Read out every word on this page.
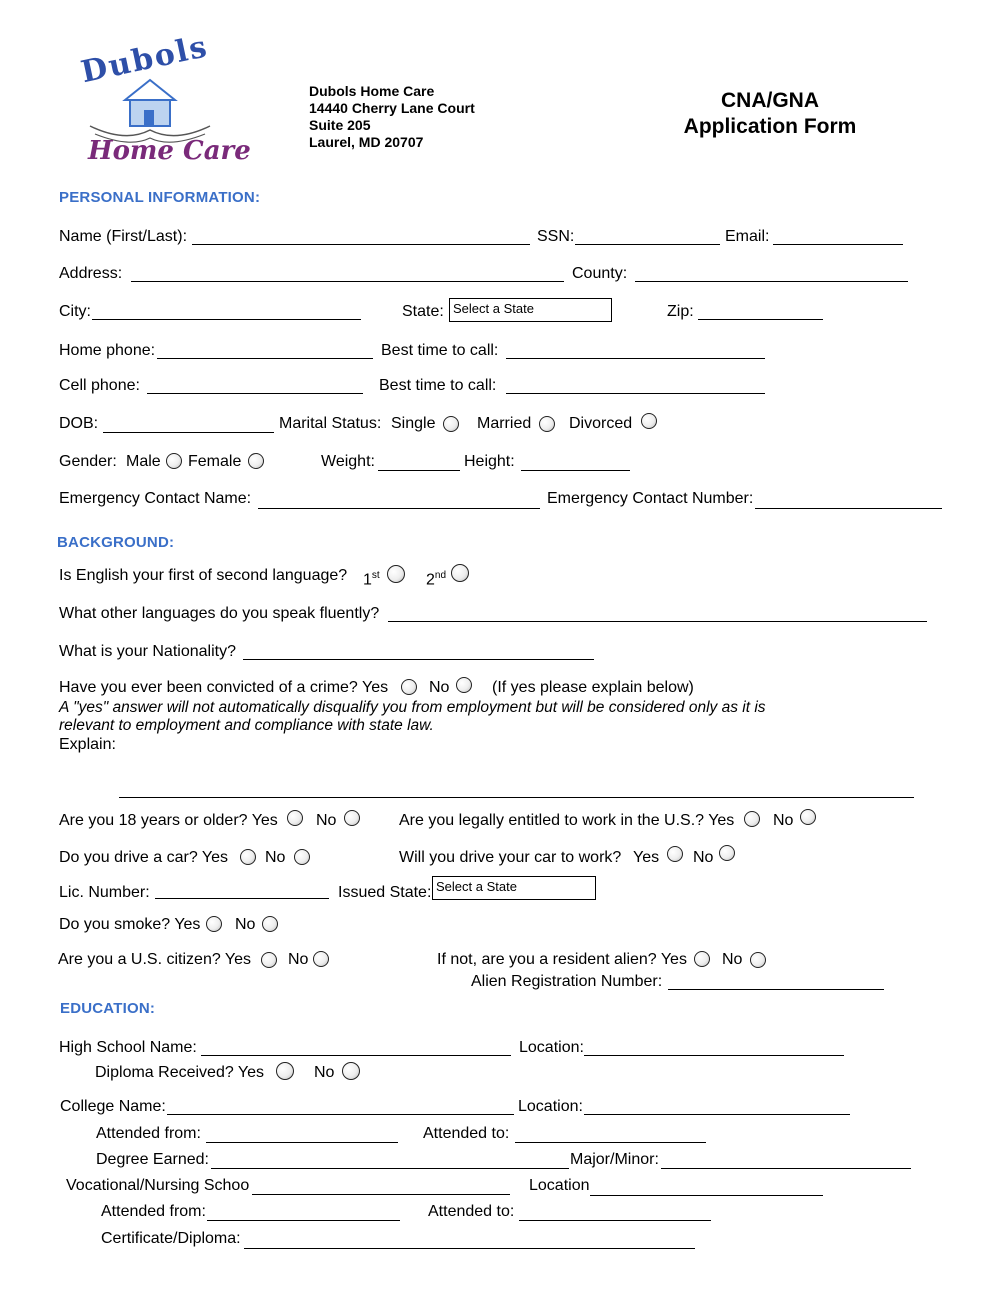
Dubols
Home Care
Dubols Home Care
14440 Cherry Lane Court
Suite 205
Laurel, MD 20707
CNA/GNA
Application Form
PERSONAL INFORMATION:
Name (First/Last):	SSN:	Email:
Address:	County:
City:	State: Select a State	Zip:
Home phone:	Best time to call:
Cell phone:	Best time to call:
DOB:	Marital Status: Single	Married Divorced
Gender: Male Female	Weight:	Height:
Emergency Contact Name:	Emergency Contact Number:
BACKGROUND:
Is English your first of second language? 1st	2nd
What other languages do you speak fluently?
What is your Nationality?
Have you ever been convicted of a crime? Yes	No	(If yes please explain below)
A "yes" answer will not automatically disqualify you from employment but will be considered only as it is
relevant to employment and compliance with state law.
Explain:
Are you 18 years or older? Yes No	Are you legally entitled to work in the U.S.? Yes No
Do you drive a car? Yes No	Will you drive your car to work? Yes No
Lic. Number:	Issued State: Select a State
Do you smoke? Yes No
Are you a U.S. citizen? Yes No	If not, are you a resident alien? Yes No
Alien Registration Number:
EDUCATION:
High School Name:	Location:
Diploma Received? Yes	No
College Name:	Location:
Attended from:	Attended to:
Degree Earned:	Major/Minor:
Vocational/Nursing Schoo	Location
Attended from:	Attended to:
Certificate/Diploma:
